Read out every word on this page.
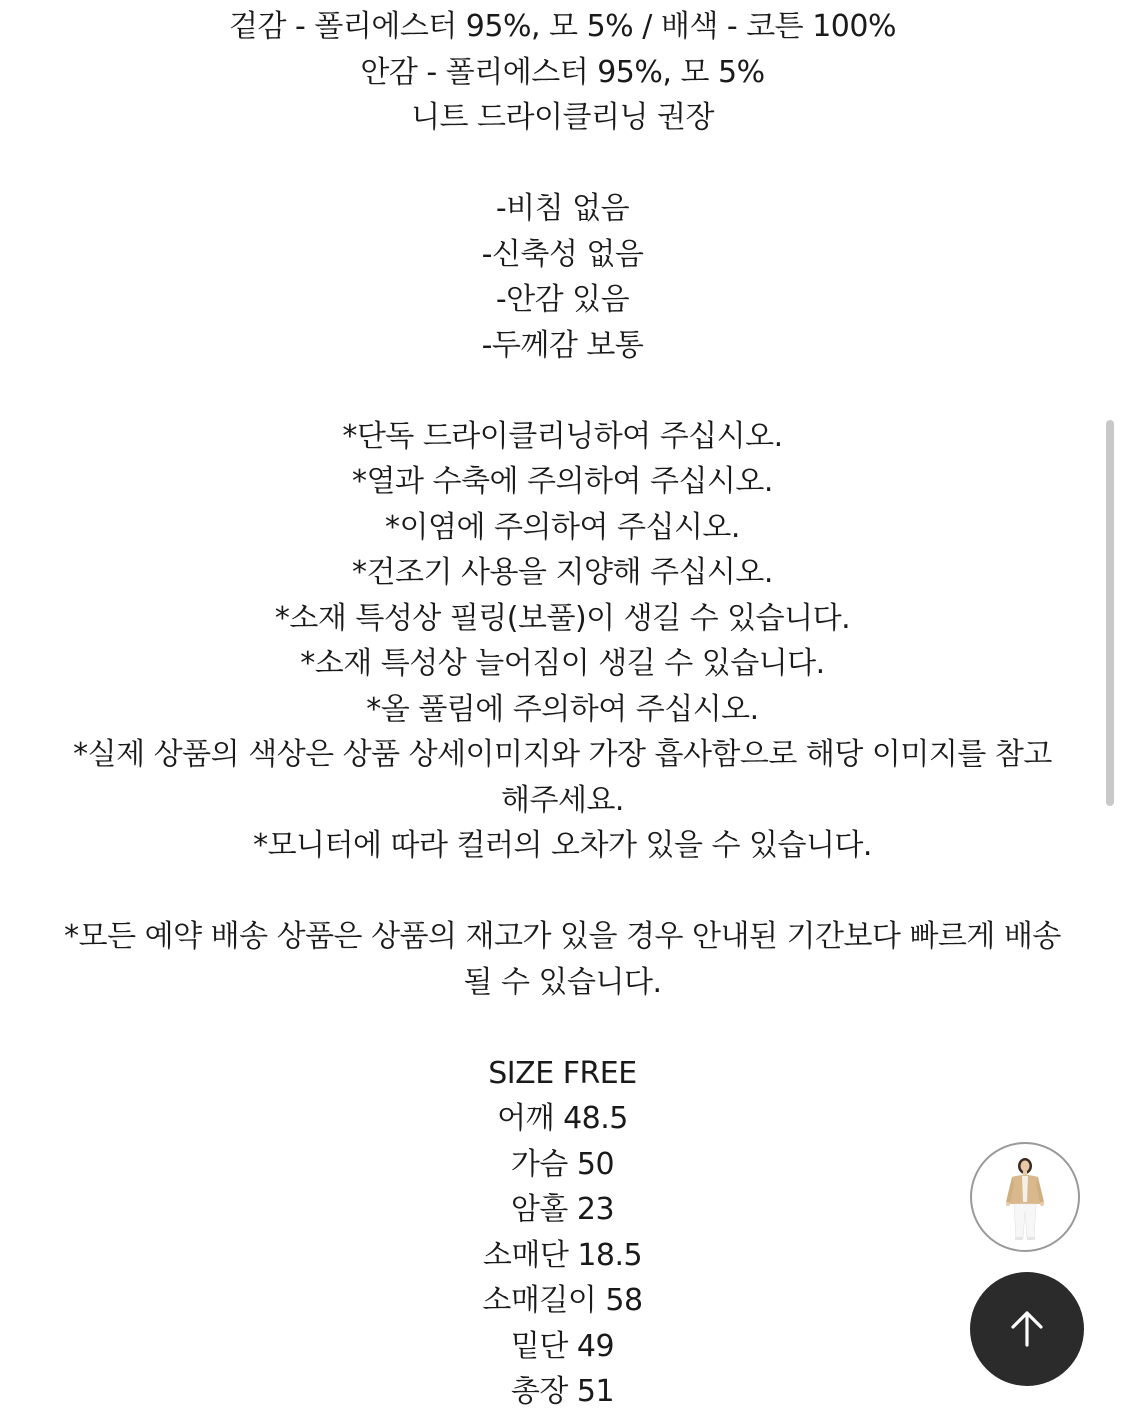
겉감 - 폴리에스터 95%, 모 5% / 배색 - 코튼 100%
안감 - 폴리에스터 95%, 모 5%
니트 드라이클리닝 권장
-비침 없음
-신축성 없음
-안감 있음
-두께감 보통
*단독 드라이클리닝하여 주십시오.
*열과 수축에 주의하여 주십시오.
*이염에 주의하여 주십시오.
*건조기 사용을 지양해 주십시오.
*소재 특성상 필링(보풀)이 생길 수 있습니다.
*소재 특성상 늘어짐이 생길 수 있습니다.
*올 풀림에 주의하여 주십시오.
*실제 상품의 색상은 상품 상세이미지와 가장 흡사함으로 해당 이미지를 참고
해주세요.
*모니터에 따라 컬러의 오차가 있을 수 있습니다.
*모든 예약 배송 상품은 상품의 재고가 있을 경우 안내된 기간보다 빠르게 배송
될 수 있습니다.
SIZE FREE
어깨 48.5
가슴 50
암홀 23
소매단 18.5
소매길이 58
밑단 49
총장 51
